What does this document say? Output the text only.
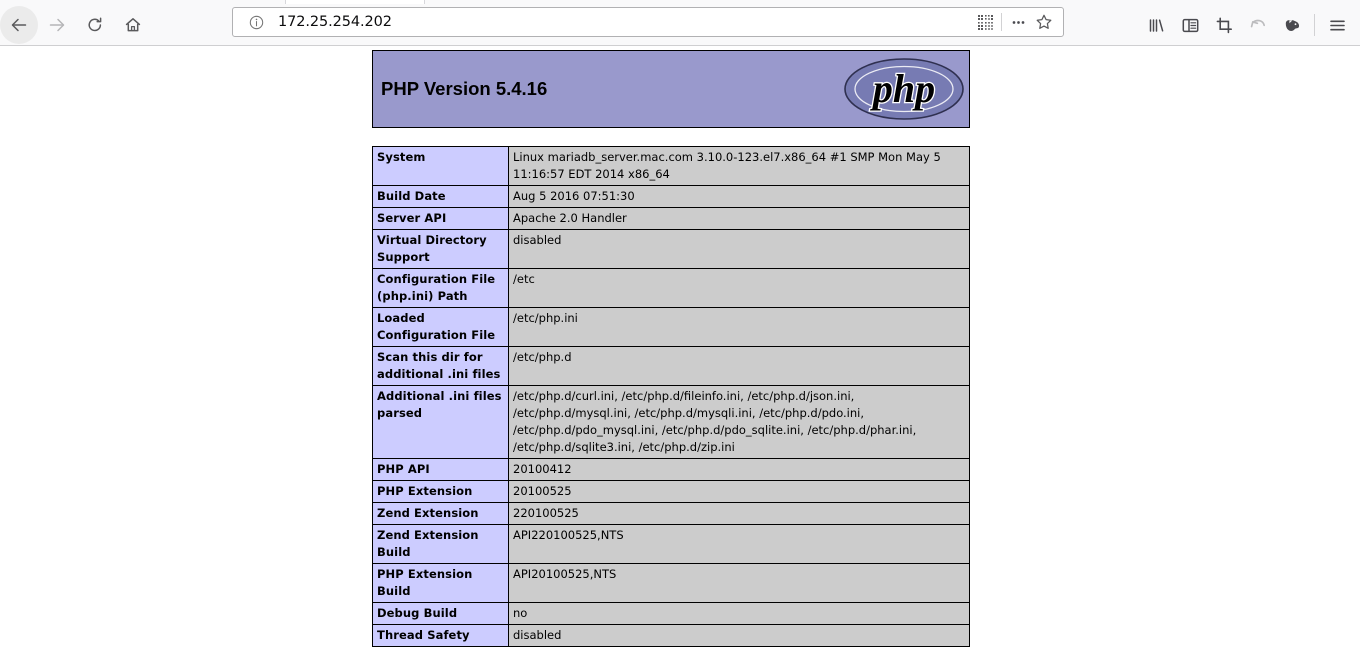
172.25.254.202
PHP Version 5.4.16	php
System	Linux mariadb_server.mac.com 3.10.0-123.el7.x86_64 #1 SMP Mon May 5 11:16:57 EDT 2014 x86_64
Build Date	Aug 5 2016 07:51:30
Server API	Apache 2.0 Handler
Virtual Directory Support	disabled
Configuration File (php.ini) Path	/etc
Loaded Configuration File	/etc/php.ini
Scan this dir for additional .ini files	/etc/php.d
Additional .ini files parsed	/etc/php.d/curl.ini, /etc/php.d/fileinfo.ini, /etc/php.d/json.ini, /etc/php.d/mysql.ini, /etc/php.d/mysqli.ini, /etc/php.d/pdo.ini, /etc/php.d/pdo_mysql.ini, /etc/php.d/pdo_sqlite.ini, /etc/php.d/phar.ini, /etc/php.d/sqlite3.ini, /etc/php.d/zip.ini
PHP API	20100412
PHP Extension	20100525
Zend Extension	220100525
Zend Extension Build	API220100525,NTS
PHP Extension Build	API20100525,NTS
Debug Build	no
Thread Safety	disabled
